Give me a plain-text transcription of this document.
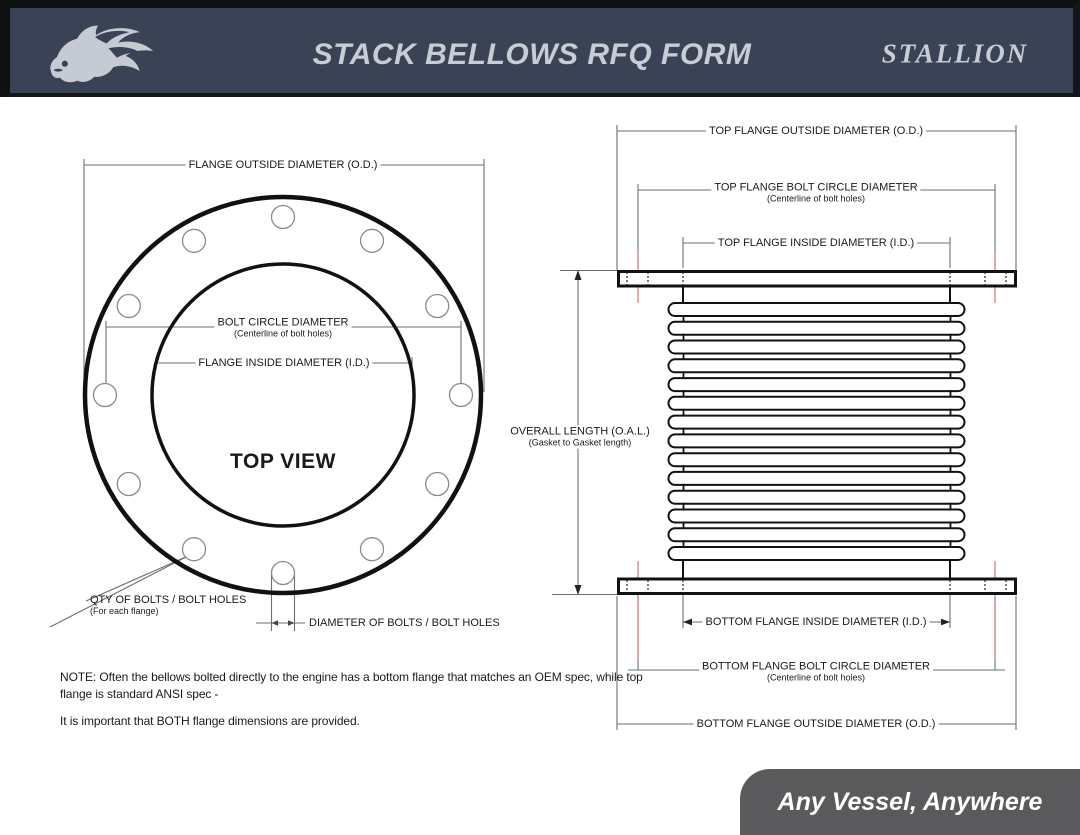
STACK BELLOWS RFQ FORM	STALLION
FLANGE OUTSIDE DIAMETER (O.D.)
BOLT CIRCLE DIAMETER
(Centerline of bolt holes)
FLANGE INSIDE DIAMETER (I.D.)
TOP VIEW
QTY OF BOLTS / BOLT HOLES
(For each flange)
DIAMETER OF BOLTS / BOLT HOLES
TOP FLANGE OUTSIDE DIAMETER (O.D.)
TOP FLANGE BOLT CIRCLE DIAMETER
(Centerline of bolt holes)
TOP FLANGE INSIDE DIAMETER (I.D.)
OVERALL LENGTH (O.A.L.)
(Gasket to Gasket length)
BOTTOM FLANGE INSIDE DIAMETER (I.D.)
BOTTOM FLANGE BOLT CIRCLE DIAMETER
(Centerline of bolt holes)
BOTTOM FLANGE OUTSIDE DIAMETER (O.D.)
NOTE: Often the bellows bolted directly to the engine has a bottom flange that matches an OEM spec, while top flange is standard ANSI spec -
It is important that BOTH flange dimensions are provided.
Any Vessel, Anywhere
